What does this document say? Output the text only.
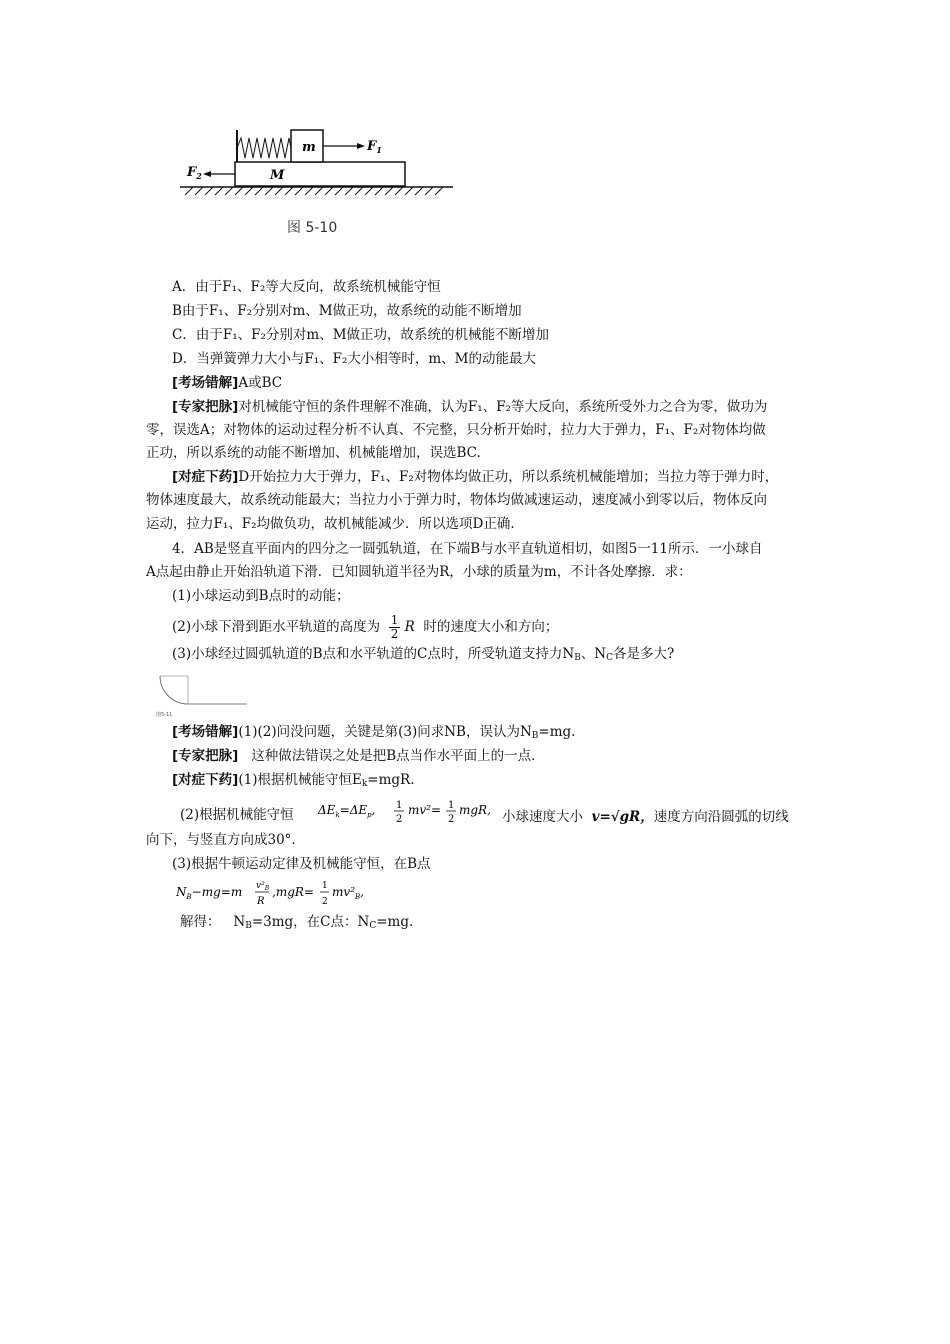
m	$F_1$
M
$F_2$
图 5-10
A．由于F₁、F₂等大反向，故系统机械能守恒
B由于F₁、F₂分别对m、M做正功，故系统的动能不断增加
C．由于F₁、F₂分别对m、M做正功，故系统的机械能不断增加
D．当弹簧弹力大小与F₁、F₂大小相等时，m、M的动能最大
[考场错解]A或BC
[专家把脉]对机械能守恒的条件理解不准确，认为F₁、F₂等大反向，系统所受外力之合为零，做功为
零，误选A；对物体的运动过程分析不认真、不完整，只分析开始时，拉力大于弹力，F₁、F₂对物体均做
正功，所以系统的动能不断增加、机械能增加，误选BC.
[对症下药]D开始拉力大于弹力，F₁、F₂对物体均做正功，所以系统机械能增加；当拉力等于弹力时，
物体速度最大，故系统动能最大；当拉力小于弹力时，物体均做减速运动，速度减小到零以后，物体反向
运动，拉力F₁、F₂均做负功，故机械能减少．所以选项D正确.
4．AB是竖直平面内的四分之一圆弧轨道，在下端B与水平直轨道相切，如图5一11所示．一小球自
A点起由静止开始沿轨道下滑．已知圆轨道半径为R，小球的质量为m，不计各处摩擦．求：
(1)小球运动到B点时的动能；
(2)小球下滑到距水平轨道的高度为 $\frac{1}{2}$ R 时的速度大小和方向；
(3)小球经过圆弧轨道的B点和水平轨道的C点时，所受轨道支持力$N_B$、$N_C$各是多大?
图5-11
[考场错解](1)(2)问没问题，关键是第(3)问求NB，误认为$N_B=mg$.
[专家把脉] 这种做法错误之处是把B点当作水平面上的一点.
[对症下药](1)根据机械能守恒$E_k=mgR$.
(2)根据机械能守恒 $\Delta E_k=\Delta E_p$, 1
2
mv²= 1
2
mgR, 小球速度大小 v=√gR，速度方向沿圆弧的切线
向下，与竖直方向成30°.
(3)根据牛顿运动定律及机械能守恒，在B点
$N_B-mg=m$ $v^2_B$
R
,mgR= 1
2
$mv^2_B$,
解得： $N_B=3mg$，在C点：$N_C=mg$.
